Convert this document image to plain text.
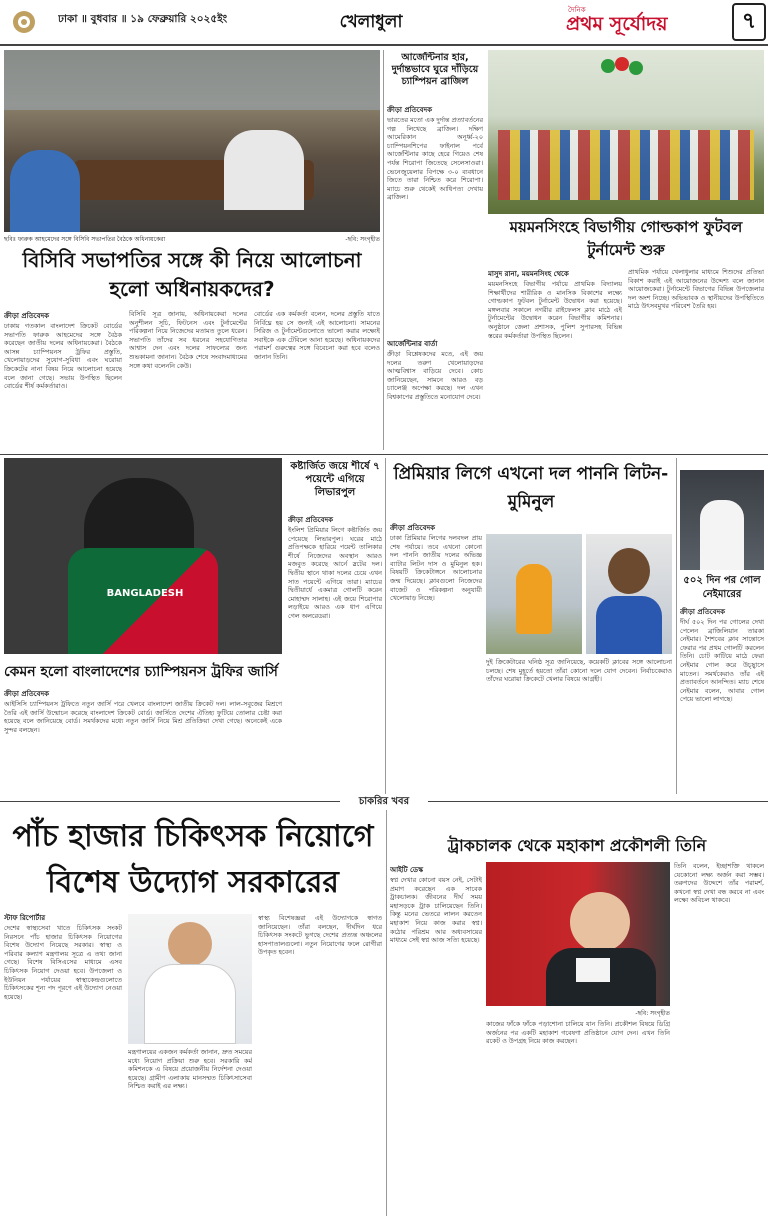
ঢাকা ॥ বুধবার ॥ ১৯ ফেব্রুয়ারি ২০২৫ইং	খেলাধুলা
দৈনিক
প্রথম সূর্যোদয়	৭
ছবিঃ ফারুক আহমেদের সঙ্গে বিসিবি সভাপতির বৈঠকে অধিনায়কেরা	-ছবি: সংগৃহীত
বিসিবি সভাপতির সঙ্গে কী নিয়ে আলোচনা হলো অধিনায়কদের?
ক্রীড়া প্রতিবেদক
ঢাকায় গতকাল বাংলাদেশ ক্রিকেট বোর্ডের সভাপতি ফারুক আহমেদের সঙ্গে বৈঠক করেছেন জাতীয় দলের অধিনায়কেরা। বৈঠকে আসন্ন চ্যাম্পিয়নস ট্রফির প্রস্তুতি, খেলোয়াড়দের সুযোগ-সুবিধা এবং ঘরোয়া ক্রিকেটের নানা বিষয় নিয়ে আলোচনা হয়েছে বলে জানা গেছে। সভায় উপস্থিত ছিলেন বোর্ডের শীর্ষ কর্মকর্তারাও।
বিসিবি সূত্র জানায়, অধিনায়কেরা দলের অনুশীলন সূচি, ফিটনেস এবং টুর্নামেন্টের পরিকল্পনা নিয়ে নিজেদের মতামত তুলে ধরেন। সভাপতি তাঁদের সব ধরনের সহযোগিতার আশ্বাস দেন এবং দলের সাফল্যের জন্য শুভকামনা জানান। বৈঠক শেষে সংবাদমাধ্যমের সঙ্গে কথা বলেননি কেউ।
বোর্ডের এক কর্মকর্তা বলেন, দলের প্রস্তুতি যাতে নির্বিঘ্নে হয় সে জন্যই এই আলোচনা। সামনের সিরিজ ও টুর্নামেন্টগুলোতে ভালো করার লক্ষ্যেই সবাইকে এক টেবিলে আনা হয়েছে। অধিনায়কদের পরামর্শ গুরুত্বের সঙ্গে বিবেচনা করা হবে বলেও জানান তিনি।
আর্জেন্টিনার হার, দুর্দান্তভাবে ঘুরে দাঁড়িয়ে চ্যাম্পিয়ন ব্রাজিল
ক্রীড়া প্রতিবেদক
ভারতের মতো এক দুর্দান্ত প্রত্যাবর্তনের গল্প লিখেছে ব্রাজিল। দক্ষিণ আমেরিকান অনূর্ধ্ব-২০ চ্যাম্পিয়নশিপের ফাইনাল পর্বে আর্জেন্টিনার কাছে হেরে গিয়েও শেষ পর্যন্ত শিরোপা জিতেছে সেলেসাওরা। ভেনেজুয়েলার বিপক্ষে ৩-০ ব্যবধানে জিতে তারা নিশ্চিত করে শিরোপা। ম্যাচে শুরু থেকেই আধিপত্য দেখায় ব্রাজিল।
আর্জেন্টিনার বার্তা
ক্রীড়া বিশ্লেষকদের মতে, এই জয় দলের তরুণ খেলোয়াড়দের আত্মবিশ্বাস বাড়িয়ে দেবে। কোচ জানিয়েছেন, সামনে আরও বড় চ্যালেঞ্জ অপেক্ষা করছে। দল এখন বিশ্বকাপের প্রস্তুতিতে মনোযোগ দেবে।
ময়মনসিংহে বিভাগীয় গোল্ডকাপ ফুটবল টুর্নামেন্ট শুরু
মাসুদ রানা, ময়মনসিংহ থেকে
ময়মনসিংহে বিভাগীয় পর্যায়ে প্রাথমিক বিদ্যালয় শিক্ষার্থীদের শারীরিক ও মানসিক বিকাশের লক্ষ্যে গোল্ডকাপ ফুটবল টুর্নামেন্ট উদ্বোধন করা হয়েছে। মঙ্গলবার সকালে নগরীর রাইফেলস ক্লাব মাঠে এই টুর্নামেন্টের উদ্বোধন করেন বিভাগীয় কমিশনার। অনুষ্ঠানে জেলা প্রশাসক, পুলিশ সুপারসহ বিভিন্ন স্তরের কর্মকর্তারা উপস্থিত ছিলেন।
প্রাথমিক পর্যায়ে খেলাধুলার মাধ্যমে শিশুদের প্রতিভা বিকাশ করাই এই আয়োজনের উদ্দেশ্য বলে জানান আয়োজকেরা। টুর্নামেন্টে বিভাগের বিভিন্ন উপজেলার দল অংশ নিচ্ছে। অভিভাবক ও স্থানীয়দের উপস্থিতিতে মাঠে উৎসবমুখর পরিবেশ তৈরি হয়।
BANGLADESH
কেমন হলো বাংলাদেশের চ্যাম্পিয়নস ট্রফির জার্সি
ক্রীড়া প্রতিবেদক
আইসিসি চ্যাম্পিয়নস ট্রফিতে নতুন জার্সি পরে খেলবে বাংলাদেশ জাতীয় ক্রিকেট দল। লাল-সবুজের মিশ্রণে তৈরি এই জার্সি উন্মোচন করেছে বাংলাদেশ ক্রিকেট বোর্ড। জার্সিতে দেশের ঐতিহ্য ফুটিয়ে তোলার চেষ্টা করা হয়েছে বলে জানিয়েছে বোর্ড। সমর্থকদের মধ্যে নতুন জার্সি নিয়ে মিশ্র প্রতিক্রিয়া দেখা গেছে। অনেকেই একে সুন্দর বলছেন।
কষ্টার্জিত জয়ে শীর্ষে ৭ পয়েন্টে এগিয়ে লিভারপুল
ক্রীড়া প্রতিবেদক
ইংলিশ প্রিমিয়ার লিগে কষ্টার্জিত জয় পেয়েছে লিভারপুল। ঘরের মাঠে প্রতিপক্ষকে হারিয়ে পয়েন্ট তালিকার শীর্ষে নিজেদের অবস্থান আরও মজবুত করেছে আর্নে স্লটের দল। দ্বিতীয় স্থানে থাকা দলের চেয়ে এখন সাত পয়েন্টে এগিয়ে তারা। ম্যাচের দ্বিতীয়ার্ধে একমাত্র গোলটি করেন মোহাম্মদ সালাহ। এই জয়ে শিরোপার লড়াইয়ে আরও এক ধাপ এগিয়ে গেল অলরেডরা।
প্রিমিয়ার লিগে এখনো দল পাননি লিটন-মুমিনুল
ক্রীড়া প্রতিবেদক
ঢাকা প্রিমিয়ার লিগের দলবদল প্রায় শেষ পর্যায়ে। তবে এখনো কোনো দল পাননি জাতীয় দলের অভিজ্ঞ ব্যাটার লিটন দাস ও মুমিনুল হক। বিষয়টি ক্রিকেটাঙ্গনে আলোচনার জন্ম দিয়েছে। ক্লাবগুলো নিজেদের বাজেট ও পরিকল্পনা অনুযায়ী খেলোয়াড় নিচ্ছে।
দুই ক্রিকেটারের ঘনিষ্ঠ সূত্র জানিয়েছে, কয়েকটি ক্লাবের সঙ্গে আলোচনা চলছে। শেষ মুহূর্তে হয়তো তাঁরা কোনো দলে যোগ দেবেন। নির্বাচকেরাও তাঁদের ঘরোয়া ক্রিকেটে খেলার বিষয়ে আগ্রহী।
৫০২ দিন পর গোল নেইমারের
ক্রীড়া প্রতিবেদক
দীর্ঘ ৫০২ দিন পর গোলের দেখা পেলেন ব্রাজিলিয়ান তারকা নেইমার। শৈশবের ক্লাব সান্তোসে ফেরার পর প্রথম গোলটি করলেন তিনি। চোট কাটিয়ে মাঠে ফেরা নেইমার গোল করে উচ্ছ্বাসে মাতেন। সমর্থকেরাও তাঁর এই প্রত্যাবর্তনে আনন্দিত। ম্যাচ শেষে নেইমার বলেন, আবার গোল পেয়ে ভালো লাগছে।
চাকরির খবর
পাঁচ হাজার চিকিৎসক নিয়োগে বিশেষ উদ্যোগ সরকারের
স্টাফ রিপোর্টার
দেশের স্বাস্থ্যসেবা খাতে চিকিৎসক সংকট নিরসনে পাঁচ হাজার চিকিৎসক নিয়োগের বিশেষ উদ্যোগ নিয়েছে সরকার। স্বাস্থ্য ও পরিবার কল্যাণ মন্ত্রণালয় সূত্রে এ তথ্য জানা গেছে। বিশেষ বিসিএসের মাধ্যমে এসব চিকিৎসক নিয়োগ দেওয়া হবে। উপজেলা ও ইউনিয়ন পর্যায়ের স্বাস্থ্যকেন্দ্রগুলোতে চিকিৎসকের শূন্য পদ পূরণে এই উদ্যোগ নেওয়া হয়েছে।
মন্ত্রণালয়ের একজন কর্মকর্তা জানান, দ্রুত সময়ের মধ্যে নিয়োগ প্রক্রিয়া শুরু হবে। সরকারি কর্ম কমিশনকে এ বিষয়ে প্রয়োজনীয় নির্দেশনা দেওয়া হয়েছে। গ্রামীণ এলাকায় মানসম্মত চিকিৎসাসেবা নিশ্চিত করাই এর লক্ষ্য।
স্বাস্থ্য বিশেষজ্ঞরা এই উদ্যোগকে স্বাগত জানিয়েছেন। তাঁরা বলছেন, দীর্ঘদিন ধরে চিকিৎসক সংকটে ভুগছে দেশের প্রত্যন্ত অঞ্চলের হাসপাতালগুলো। নতুন নিয়োগের ফলে রোগীরা উপকৃত হবেন।
ট্রাকচালক থেকে মহাকাশ প্রকৌশলী তিনি
আইটি ডেস্ক
স্বপ্ন দেখার কোনো বয়স নেই, সেটাই প্রমাণ করেছেন এক সাবেক ট্রাকচালক। জীবনের দীর্ঘ সময় মহাসড়কে ট্রাক চালিয়েছেন তিনি। কিন্তু মনের ভেতরে লালন করতেন মহাকাশ নিয়ে কাজ করার স্বপ্ন। কঠোর পরিশ্রম আর অধ্যবসায়ের মাধ্যমে সেই স্বপ্ন আজ সত্যি হয়েছে।
-ছবি: সংগৃহীত
কাজের ফাঁকে ফাঁকে পড়াশোনা চালিয়ে যান তিনি। প্রকৌশল বিষয়ে ডিগ্রি অর্জনের পর একটি মহাকাশ গবেষণা প্রতিষ্ঠানে যোগ দেন। এখন তিনি রকেট ও উপগ্রহ নিয়ে কাজ করছেন।
তিনি বলেন, ইচ্ছাশক্তি থাকলে যেকোনো লক্ষ্য অর্জন করা সম্ভব। তরুণদের উদ্দেশে তাঁর পরামর্শ, কখনো স্বপ্ন দেখা বন্ধ করবে না এবং লক্ষ্যে অবিচল থাকবে।
